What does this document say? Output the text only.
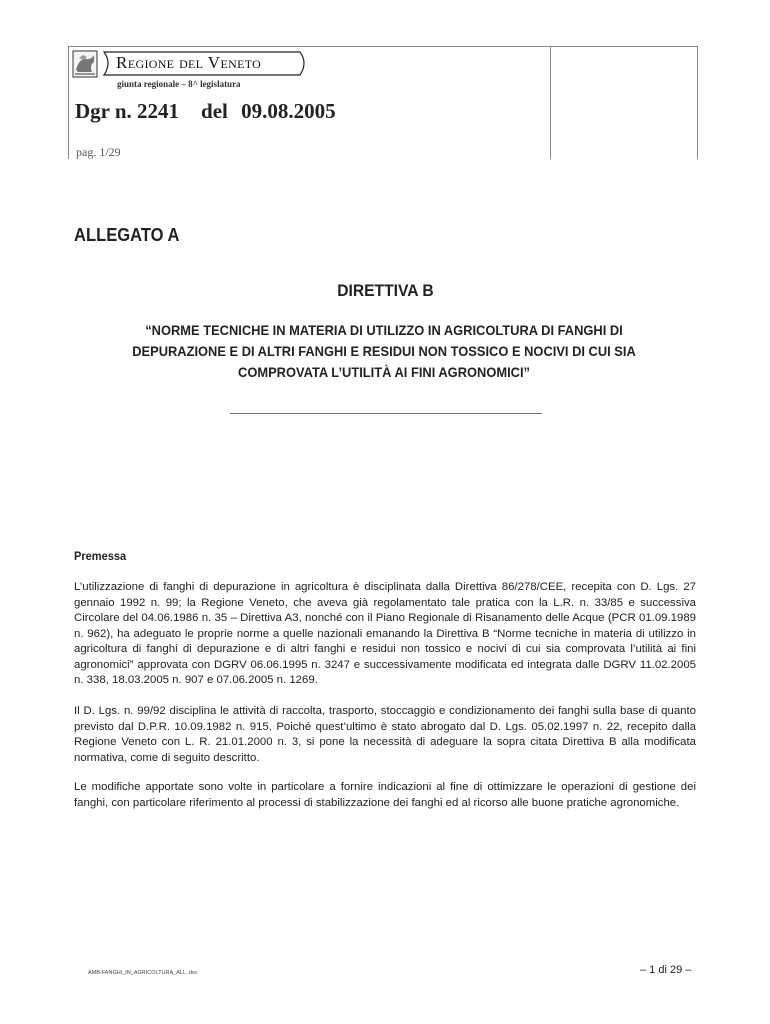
REGIONE DEL VENETO
giunta regionale – 8^ legislatura
Dgr n. 2241 del 09.08.2005
pag. 1/29
ALLEGATO A
DIRETTIVA B
“NORME TECNICHE IN MATERIA DI UTILIZZO IN AGRICOLTURA DI FANGHI DI
DEPURAZIONE E DI ALTRI FANGHI E RESIDUI NON TOSSICO E NOCIVI DI CUI SIA
COMPROVATA L’UTILITÀ AI FINI AGRONOMICI”
Premessa
L’utilizzazione di fanghi di depurazione in agricoltura è disciplinata dalla Direttiva 86/278/CEE, recepita con D. Lgs. 27 gennaio 1992 n. 99; la Regione Veneto, che aveva già regolamentato tale pratica con la L.R. n. 33/85 e successiva Circolare del 04.06.1986 n. 35 – Direttiva A3, nonché con il Piano Regionale di Risanamento delle Acque (PCR 01.09.1989 n. 962), ha adeguato le proprie norme a quelle nazionali emanando la Direttiva B “Norme tecniche in materia di utilizzo in agricoltura di fanghi di depurazione e di altri fanghi e residui non tossico e nocivi di cui sia comprovata l’utilità ai fini agronomici” approvata con DGRV 06.06.1995 n. 3247 e successivamente modificata ed integrata dalle DGRV 11.02.2005 n. 338, 18.03.2005 n. 907 e 07.06.2005 n. 1269.
Il D. Lgs. n. 99/92 disciplina le attività di raccolta, trasporto, stoccaggio e condizionamento dei fanghi sulla base di quanto previsto dal D.P.R. 10.09.1982 n. 915. Poiché quest’ultimo è stato abrogato dal D. Lgs. 05.02.1997 n. 22, recepito dalla Regione Veneto con L. R. 21.01.2000 n. 3, si pone la necessità di adeguare la sopra citata Direttiva B alla modificata normativa, come di seguito descritto.
Le modifiche apportate sono volte in particolare a fornire indicazioni al fine di ottimizzare le operazioni di gestione dei fanghi, con particolare riferimento al processi di stabilizzazione dei fanghi ed al ricorso alle buone pratiche agronomiche.
AMB-FANGHI_IN_AGRICOLTURA_ALL .doc	– 1 di 29 –
